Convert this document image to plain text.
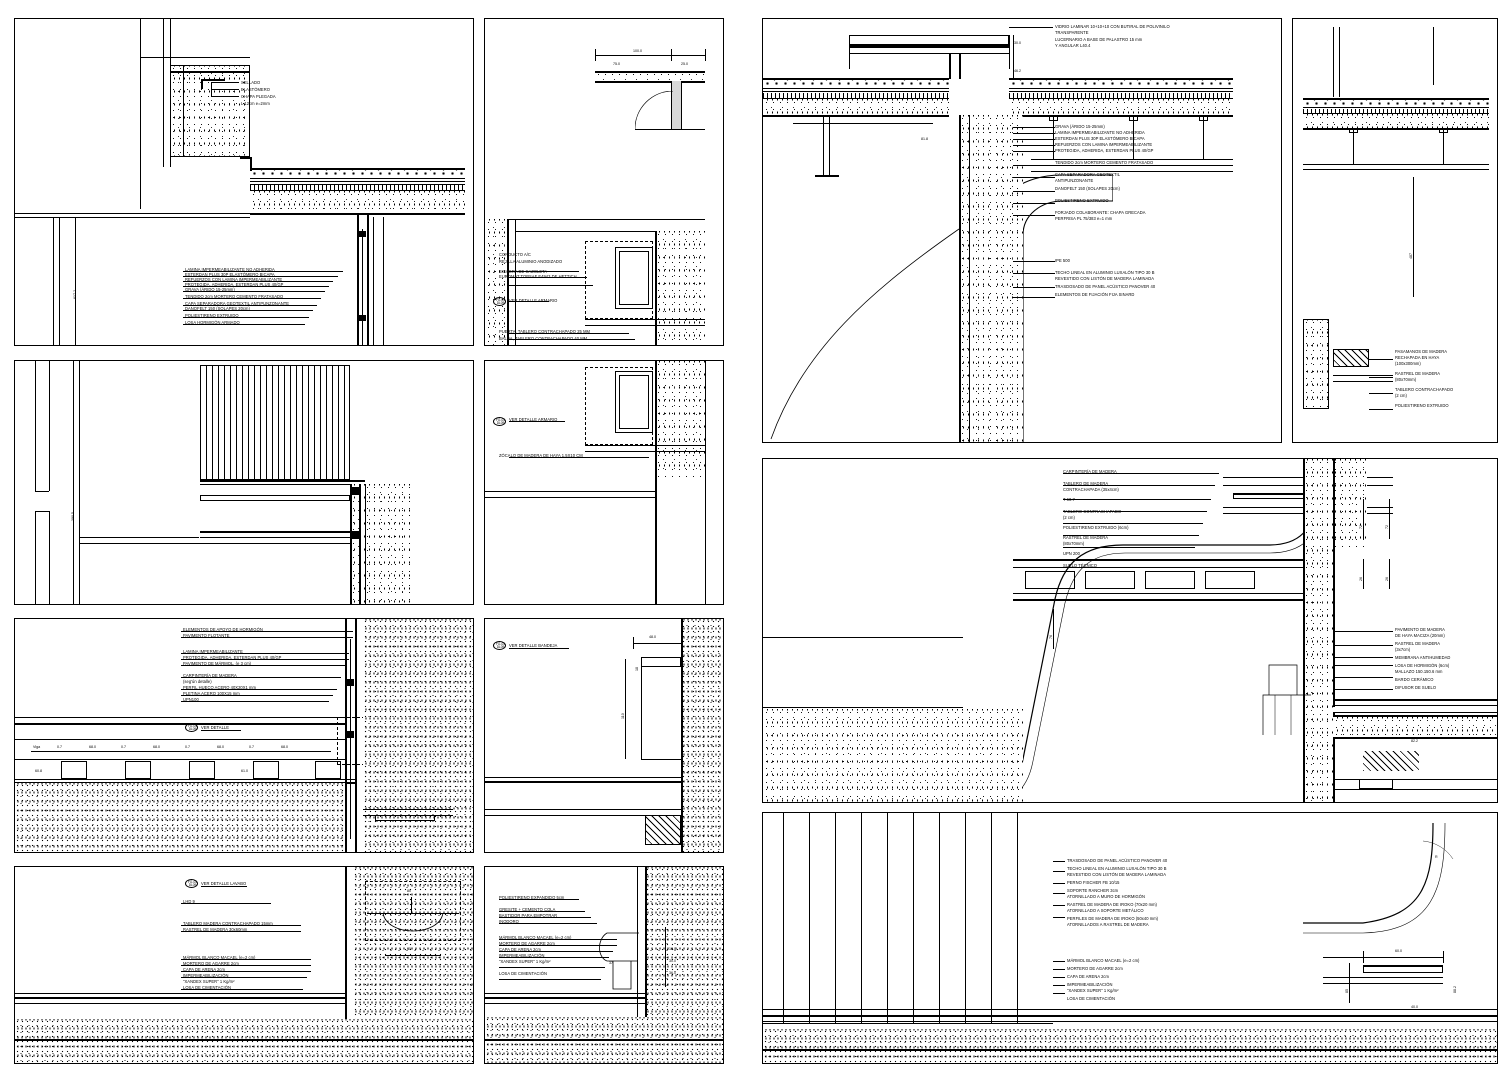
SELLADO
ELASTÓMERO
CHAPA PLEGADA
L 12cm e=2mm
617.2
LAMINA IMPERMEABILIZANTE NO ADHERIDA
ESTERDAN PLUS 30P ELASTÓMERO BICAPA
REFUERZOS CON LAMINA IMPERMEABILIZANTE
PROTEGIDA, ADHERIDA, ESTERDAN PLUS 40/GP
GRAVA (ÁRIDO 15-25mm)
TENDIDO 2cm MORTERO CEMENTO FRATASADO
CAPA SEPARADORA GEOTEXTIL ANTIPUNZONANTE
DANOFELT 150 (SOLAPES 20cm)
POLIESTIRENO EXTRUIDO
LOSA HORMIGÓN ARMADO
100.0
75.0	25.0
FG-04
DL09
CONDUCTO A/C
REJILLA ALUMINIO ANODIZADO
BISAGRA DE CAZOLETA
EUROMAT TOPSAF E4943 DE HETTICH
VER DETALLE ARMARIO
PUERTA, TABLERO CONTRACHAPADO 25 MM
BALDA, TABLERO CONTRACHAPADO 40 MM
390.5
FG-04
DL09
VER DETALLE ARMARIO
ZÓCALO DE MADERA DE HAYA 1.5X10 CM
ELEMENTOS DE APOYO DE HORMIGÓN
PAVIMENTO FLOTANTE
LAMINA IMPERMEABILIZANTE
PROTEGIDA, ADHERIDA, ESTERDAN PLUS 40/GP
PAVIMENTO DE MÁRMOL, (e 3 cm)
CARPINTERÍA DE MADERA
(seg'ún detalle)
PERFIL HUECO ACERO 40X20X1 mm
PLETINA ACERO 100X15 mm
UPN100
FG-04
DL09	VER DETALLE
Viga	0.7	68.0	0.7	68.0	0.7	68.0	0.7	68.0
60.8	61.0
FG-04
DL09	VER DETALLE BANDEJA
48.0
110
18
FG-04
DL09	VER DETALLE LAVABO
LHD 9
TABLERO MADERA CONTRACHAPADO 15mm
RASTREL DE MADERA 30x60mm
MÁRMOL BLANCO MACAEL (e=2 cm)
MORTERO DE AGARRE 2cm
CAPA DE ARENA 2cm
IMPERMEABILIZACIÓN
"XANDEX SUPER" 1 Kg/m²
LOSA DE CIMENTACIÓN
80
45
POLIESTIRENO EXPANDIDO 5cm
GRESITE + CEMENTO COLA
BASTIDOR PARA EMPOTRAR
INODORO
MÁRMOL BLANCO MACAEL (e=2 cm)
MORTERO DE AGARRE 2cm
CAPA DE ARENA 2cm
IMPERMEABILIZACIÓN
"XANDEX SUPER" 1 Kg/m²
LOSA DE CIMENTACIÓN
37
10.0
30.0
36.0
30.0
46.2
81.8
VIDRIO LAMINAR 10+10+10 CON BUTIRAL DE POLIVINILO
TRANSPARENTE
LUCERNARIO A BASE DE PALASTRO 15 mm
Y ANGULAR L40.4
GRAVA (ÁRIDO 15-25mm)
LAMINA IMPERMEABILIZANTE NO ADHERIDA
ESTERDAN PLUS 30P ELASTÓMERO BICAPA
REFUERZOS CON LAMINA IMPERMEABILIZANTE
PROTEGIDA, ADHERIDA, ESTERDAN PLUS 40/GP
TENDIDO 2cm MORTERO CEMENTO FRATASADO
CAPA SEPARADORA GEOTEXTIL
ANTIPUNZONANTE
DANOFELT 150 (SOLAPES 20cm)
POLIESTIRENO EXTRUIDO
FORJADO COLABORANTE: CHAPA GRECADA
PERFRISA PL 75/383 e=1 mm
IPE 500
TECHO LINEAL EN ALUMINIO LUXALÓN TIPO 30 B
REVESTIDO CON LISTÓN DE MADERA LAMINADA
TRASDOSADO DE PANEL ACÚSTICO PANOVER 40
ELEMENTOS DE FIJACIÓN FIJA SINARD
487
PASAMANOS DE MADERA
RECHAPADA EN HAYA
(100x300mm)
RASTREL DE MADERA
(80x70mm)
TABLERO CONTRACHAPADO
(2 cm)
POLIESTIRENO EXTRUIDO
CARPINTERÍA DE MADERA
TABLERO DE MADERA
CONTRACHAPADA (35x4cm)
T 60.7
TABLERO CONTRACHAPADO
(2 cm)
POLIESTIRENO EXTRUIDO (6cm)
RASTREL DE MADERA
(80x70mm)
UPN 200
SUELO TÉCNICO
72	72
26	26
76
82.2
PAVIMENTO DE MADERA
DE HAYA MACIZA (20mm)
RASTREL DE MADERA
(3x7cm)
MEMBRANA ANTIHUMEDAD
LOSA DE HORMIGÓN (6cm)
MALLAZO 150.150.6 mm
BARDO CERÁMICO
DIFUSOR DE SUELO
R
TRASDOSADO DE PANEL ACÚSTICO PANOVER 40
TECHO LINEAL EN ALUMINIO LUXALÓN TIPO 30 B
REVESTIDO CON LISTÓN DE MADERA LAMINADA
PERNO FISCHER FB 10/15
SOPORTE RANCHER 3cm
ATORNILLADO A MURO DE HORMIGÓN
RASTREL DE MADERA DE IROKO (70x20 mm)
ATORNILLADO A SOPORTE METÁLICO
PERFILES DE MADERA DE IROKO (50x40 mm)
ATORNILLADOS A RASTREL DE MADERA
MÁRMOL BLANCO MACAEL (e=2 cm)
MORTERO DE AGARRE 2cm
CAPA DE ARENA 2cm
IMPERMEABILIZACIÓN
"XANDEX SUPER" 1 Kg/m²
LOSA DE CIMENTACIÓN
60.0
85	88.2
40.0
